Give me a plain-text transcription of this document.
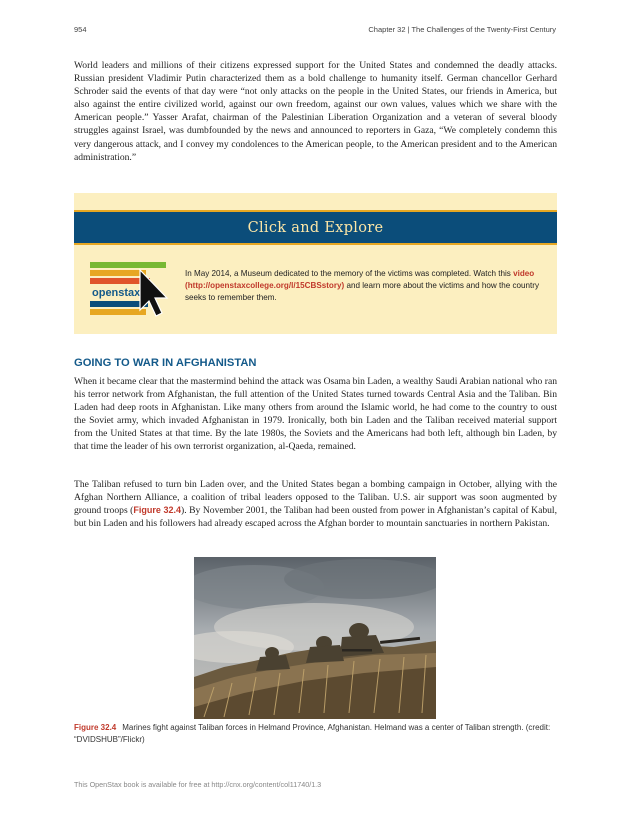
954	Chapter 32 | The Challenges of the Twenty-First Century

World leaders and millions of their citizens expressed support for the United States and condemned the deadly attacks. Russian president Vladimir Putin characterized them as a bold challenge to humanity itself. German chancellor Gerhard Schroder said the events of that day were “not only attacks on the people in the United States, our friends in America, but also against the entire civilized world, against our own freedom, against our own values, values which we share with the American people.” Yasser Arafat, chairman of the Palestinian Liberation Organization and a veteran of several bloody struggles against Israel, was dumbfounded by the news and announced to reporters in Gaza, “We completely condemn this very dangerous attack, and I convey my condolences to the American people, to the American president and to the American administration.”

Click and Explore
openstax
In May 2014, a Museum dedicated to the memory of the victims was completed. Watch this video (http://openstaxcollege.org/l/15CBSstory) and learn more about the victims and how the country seeks to remember them.
GOING TO WAR IN AFGHANISTAN

When it became clear that the mastermind behind the attack was Osama bin Laden, a wealthy Saudi Arabian national who ran his terror network from Afghanistan, the full attention of the United States turned towards Central Asia and the Taliban. Bin Laden had deep roots in Afghanistan. Like many others from around the Islamic world, he had come to the country to oust the Soviet army, which invaded Afghanistan in 1979. Ironically, both bin Laden and the Taliban received material support from the United States at that time. By the late 1980s, the Soviets and the Americans had both left, although bin Laden, by that time the leader of his own terrorist organization, al-Qaeda, remained.

The Taliban refused to turn bin Laden over, and the United States began a bombing campaign in October, allying with the Afghan Northern Alliance, a coalition of tribal leaders opposed to the Taliban. U.S. air support was soon augmented by ground troops (Figure 32.4). By November 2001, the Taliban had been ousted from power in Afghanistan’s capital of Kabul, but bin Laden and his followers had already escaped across the Afghan border to mountain sanctuaries in northern Pakistan.

Figure 32.4 Marines fight against Taliban forces in Helmand Province, Afghanistan. Helmand was a center of Taliban strength. (credit: “DVIDSHUB”/Flickr)
This OpenStax book is available for free at http://cnx.org/content/col11740/1.3
